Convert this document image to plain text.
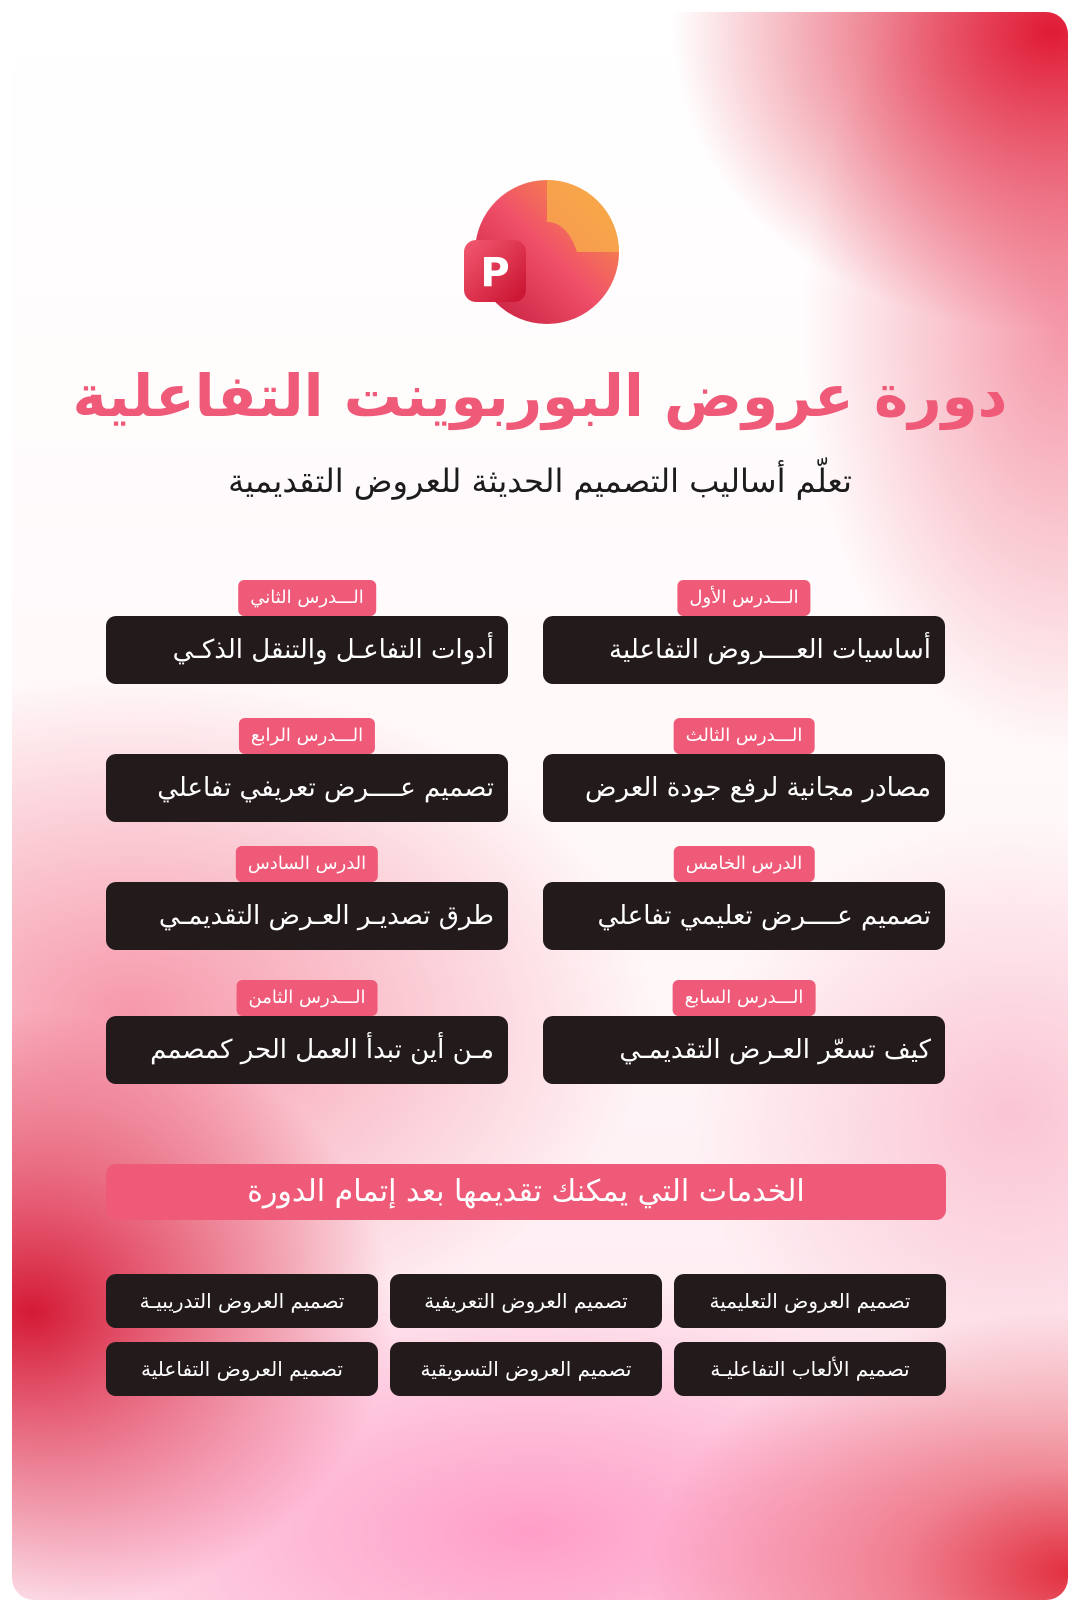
P
دورة عروض البوربوينت التفاعلية
تعلّم أساليب التصميم الحديثة للعروض التقديمية
الـــدرس الأول
أساسيات العــــروض التفاعلية
الـــدرس الثاني
أدوات التفاعـل والتنقل الذكـي
الـــدرس الثالث
مصادر مجانية لرفع جودة العرض
الـــدرس الرابع
تصميم عــــرض تعريفي تفاعلي
الدرس الخامس
تصميم عــــرض تعليمي تفاعلي
الدرس السادس
طرق تصديـر العـرض التقديمـي
الـــدرس السابع
كيف تسعّر العـرض التقديمـي
الـــدرس الثامن
مـن أين تبدأ العمل الحر كمصمم
الخدمات التي يمكنك تقديمها بعد إتمام الدورة
تصميم العروض التعليمية
تصميم العروض التعريفية
تصميم العروض التدريبيـة
تصميم الألعاب التفاعليـة
تصميم العروض التسويقية
تصميم العروض التفاعلية
